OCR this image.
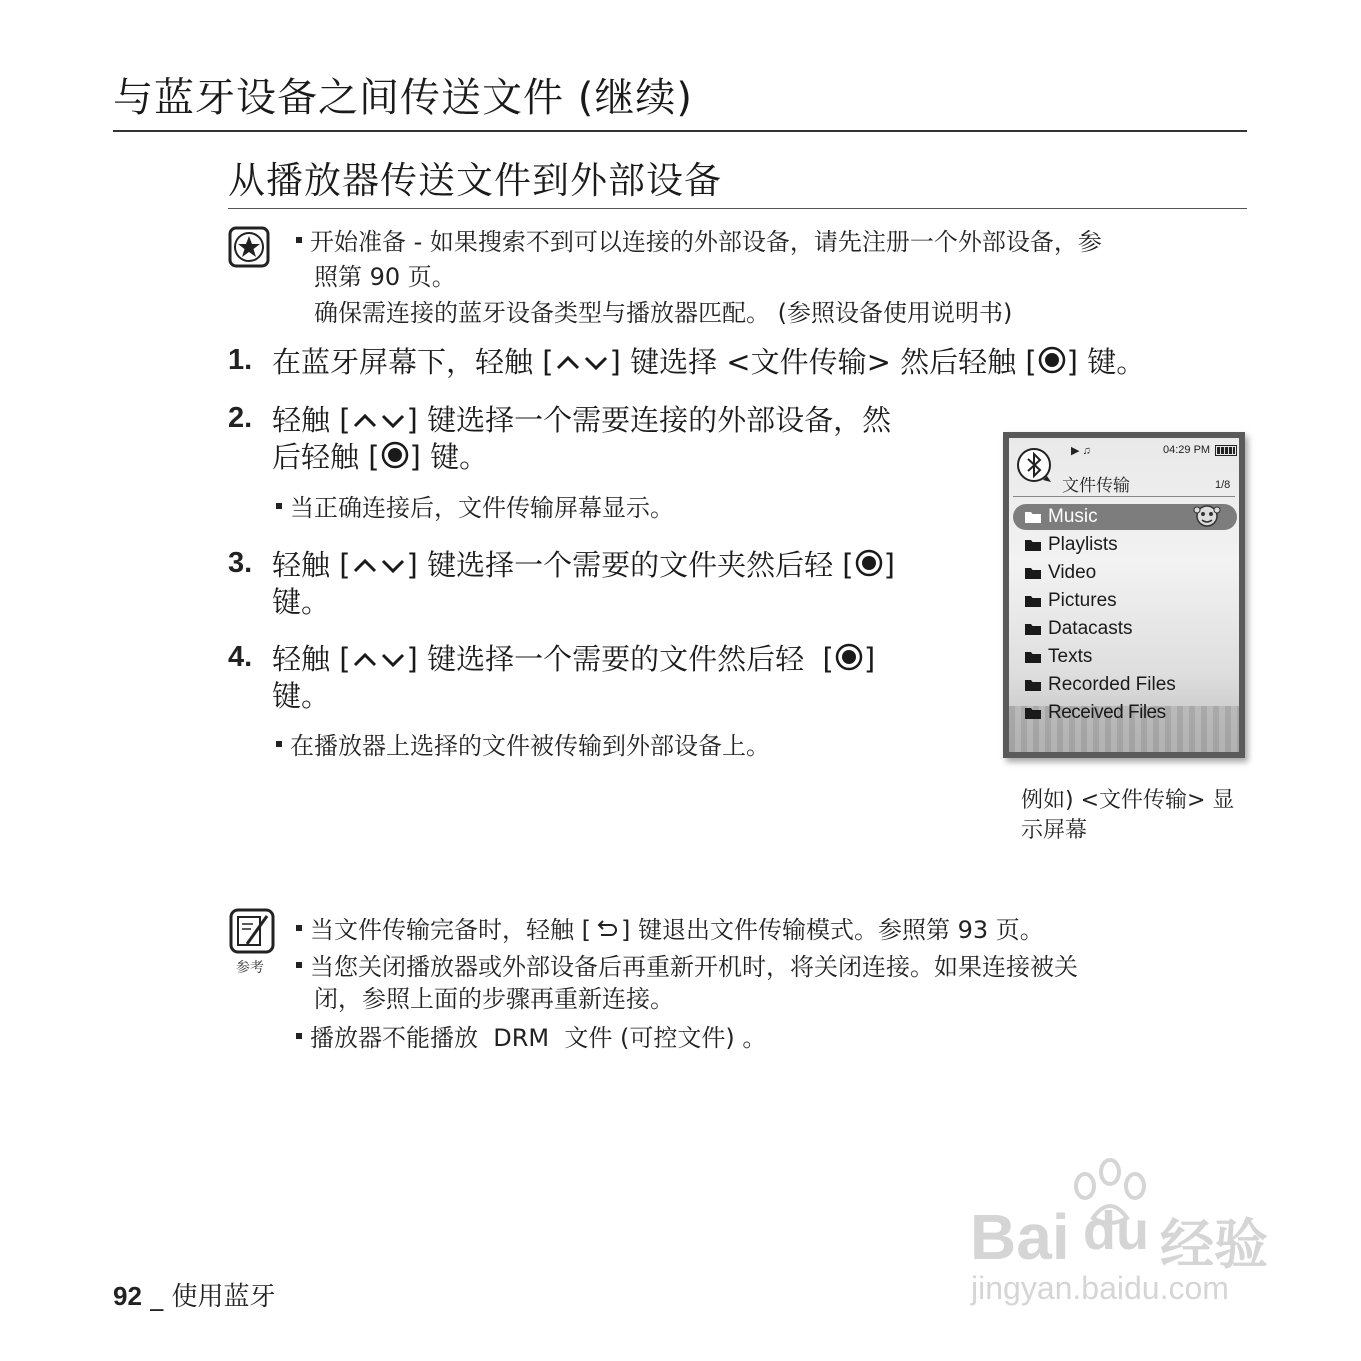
与蓝牙设备之间传送文件 (继续)
从播放器传送文件到外部设备
开始准备 - 如果搜索不到可以连接的外部设备，请先注册一个外部设备，参
照第 90 页。
确保需连接的蓝牙设备类型与播放器匹配。 (参照设备使用说明书)
1. 在蓝牙屏幕下，轻触 [ ] 键选择 <文件传输> 然后轻触 [ ] 键。
2. 轻触 [ ] 键选择一个需要连接的外部设备，然
后轻触 [ ] 键。
当正确连接后，文件传输屏幕显示。
3. 轻触 [ ] 键选择一个需要的文件夹然后轻 [ ]
键。
4. 轻触 [ ] 键选择一个需要的文件然后轻  [ ]
键。
在播放器上选择的文件被传输到外部设备上。
▶ ♫	04:29 PM
文件传输	1/8
Music
Playlists
Video
Pictures
Datacasts
Texts
Recorded Files
Received Files
例如) <文件传输> 显
示屏幕
参考
当文件传输完备时，轻触 [ ] 键退出文件传输模式。参照第 93 页。
当您关闭播放器或外部设备后再重新开机时，将关闭连接。如果连接被关
闭，参照上面的步骤再重新连接。
播放器不能播放  DRM  文件 (可控文件) 。
92 _ 使用蓝牙
Bai du 经验
jingyan.baidu.com
